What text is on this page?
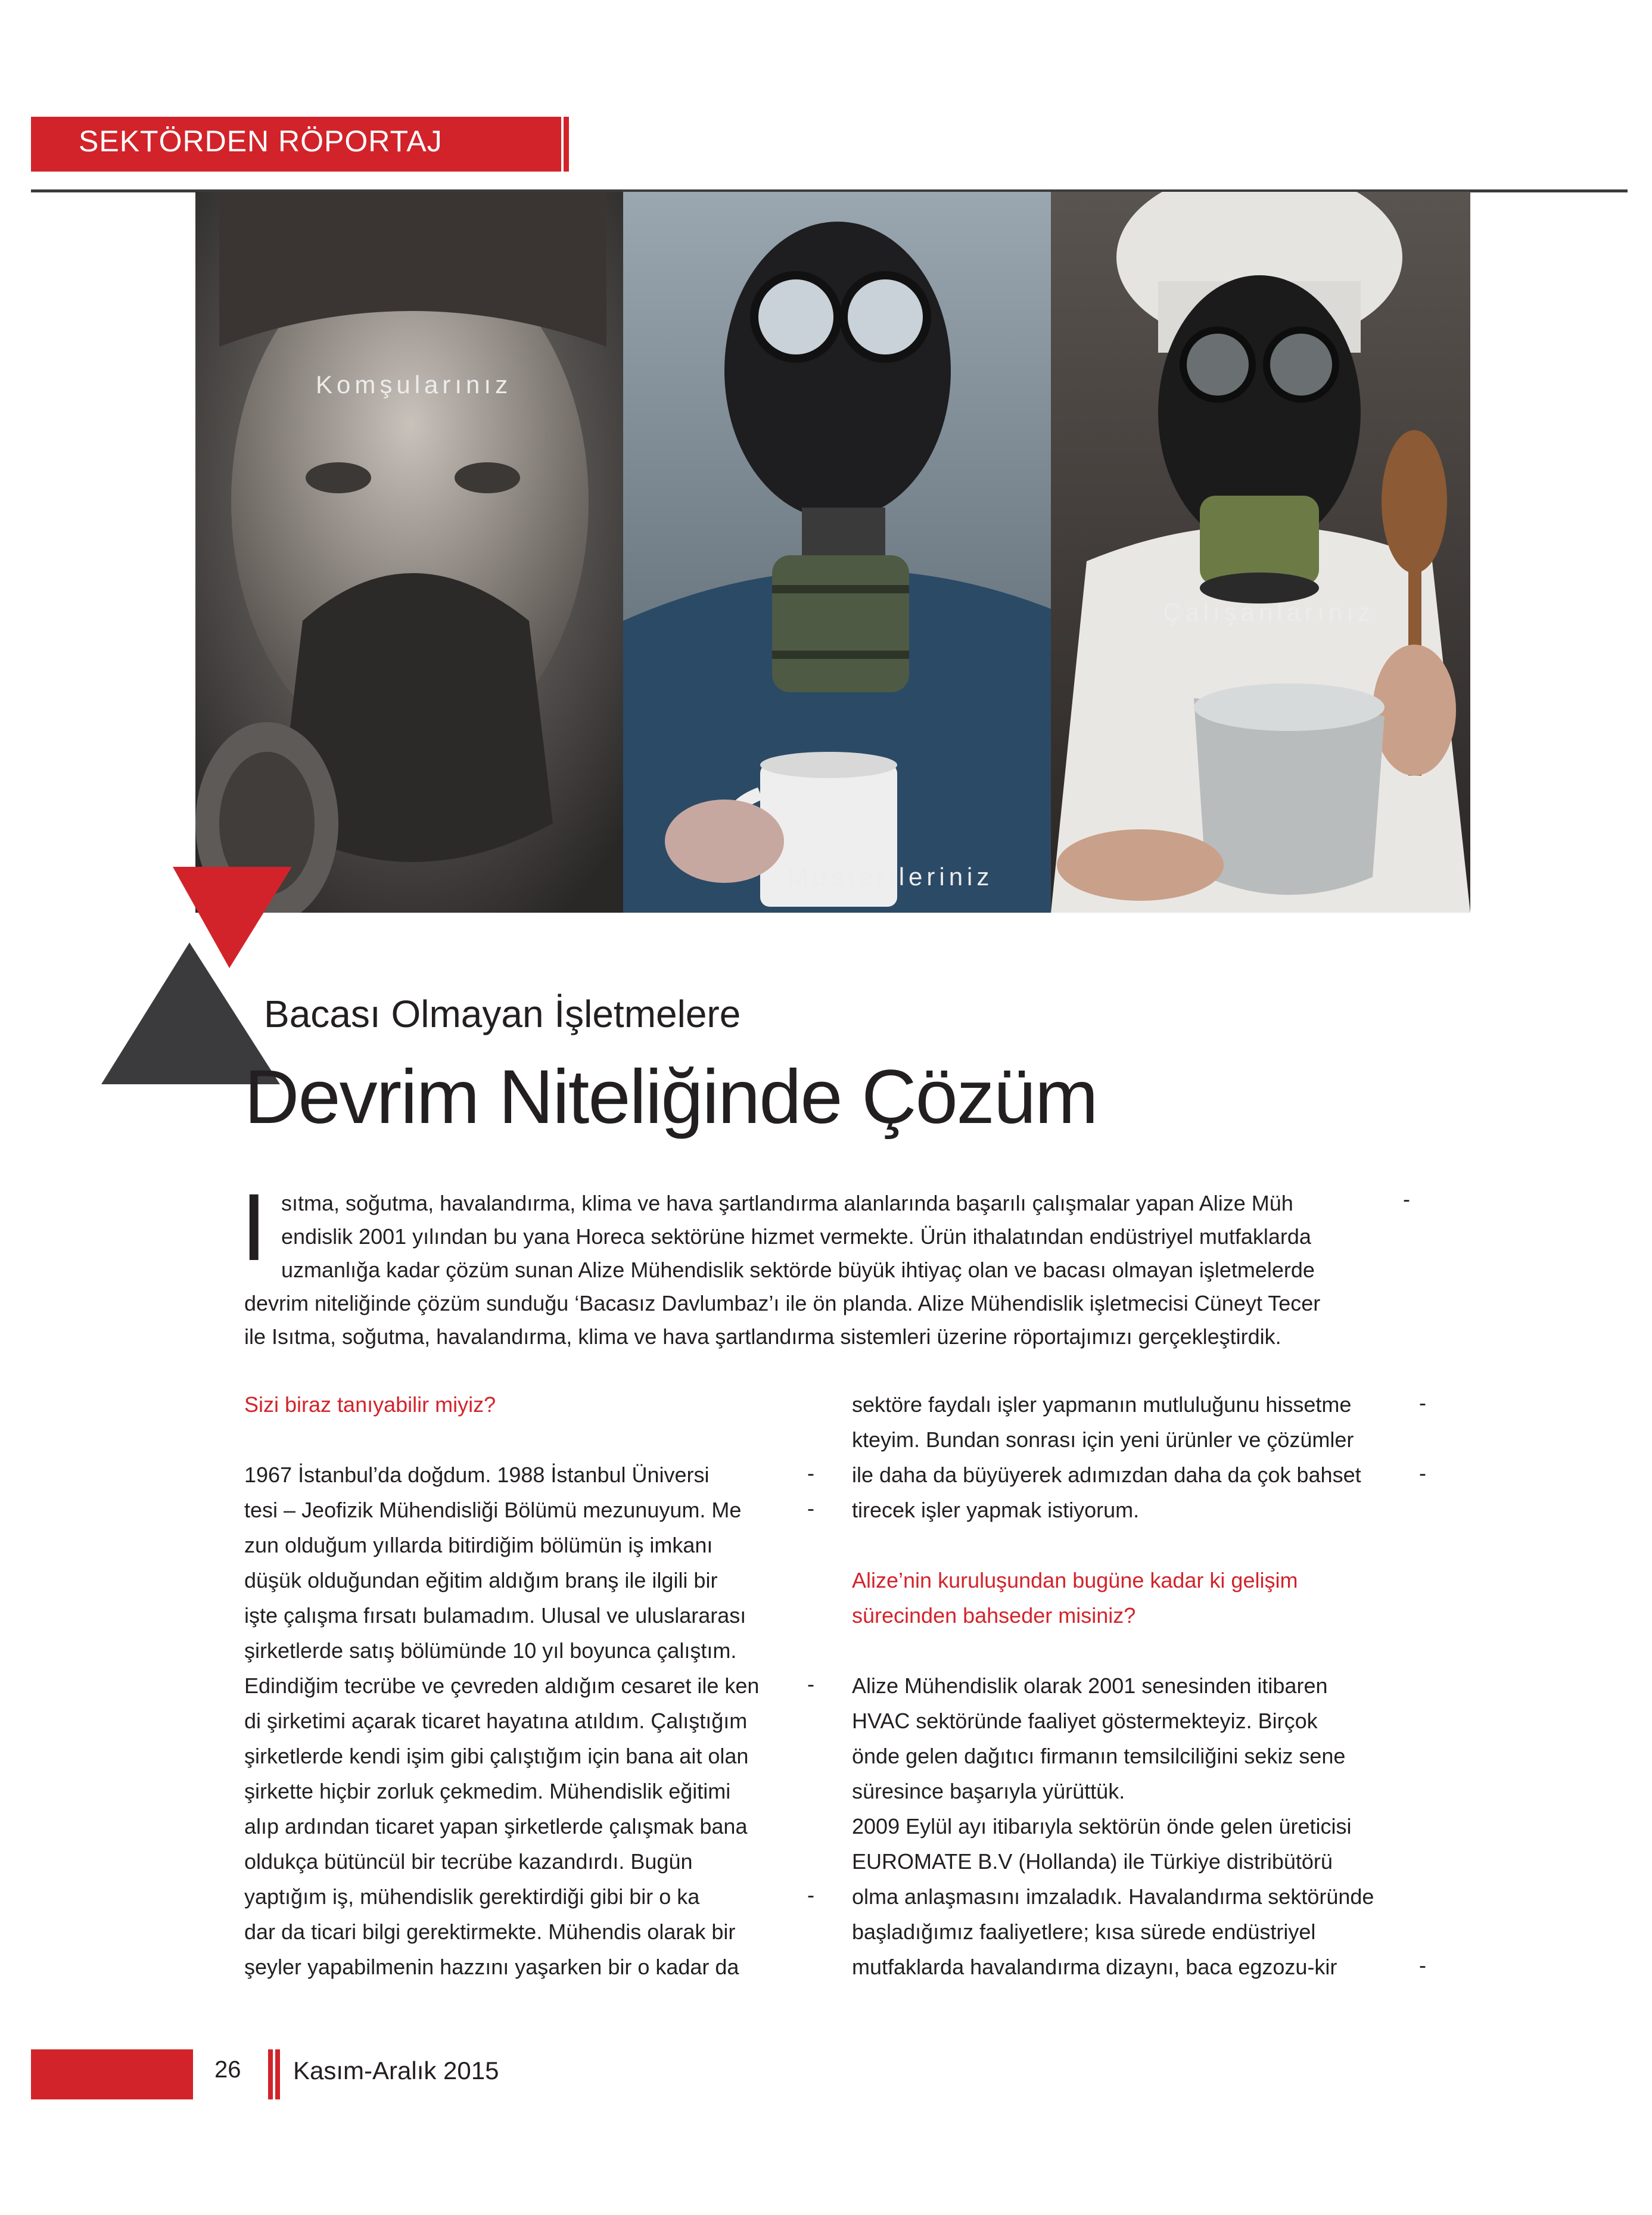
SEKTÖRDEN RÖPORTAJ
Komşularınız
Müşterileriniz
Çalışanlarınız
Bacası Olmayan İşletmelere
Devrim Niteliğinde Çözüm
I sıtma, soğutma, havalandırma, klima ve hava şartlandırma alanlarında başarılı çalışmalar yapan Alize Müh
endislik 2001 yılından bu yana Horeca sektörüne hizmet vermekte. Ürün ithalatından endüstriyel mutfaklarda
uzmanlığa kadar çözüm sunan Alize Mühendislik sektörde büyük ihtiyaç olan ve bacası olmayan işletmelerde
devrim niteliğinde çözüm sunduğu ‘Bacasız Davlumbaz’ı ile ön planda. Alize Mühendislik işletmecisi Cüneyt Tecer
ile Isıtma, soğutma, havalandırma, klima ve hava şartlandırma sistemleri üzerine röportajımızı gerçekleştirdik.
-
Sizi biraz tanıyabilir miyiz?
1967 İstanbul’da doğdum. 1988 İstanbul Üniversi
tesi – Jeofizik Mühendisliği Bölümü mezunuyum. Me
zun olduğum yıllarda bitirdiğim bölümün iş imkanı
düşük olduğundan eğitim aldığım branş ile ilgili bir
işte çalışma fırsatı bulamadım. Ulusal ve uluslararası
şirketlerde satış bölümünde 10 yıl boyunca çalıştım.
Edindiğim tecrübe ve çevreden aldığım cesaret ile ken
di şirketimi açarak ticaret hayatına atıldım. Çalıştığım
şirketlerde kendi işim gibi çalıştığım için bana ait olan
şirkette hiçbir zorluk çekmedim. Mühendislik eğitimi
alıp ardından ticaret yapan şirketlerde çalışmak bana
oldukça bütüncül bir tecrübe kazandırdı. Bugün
yaptığım iş, mühendislik gerektirdiği gibi bir o ka
dar da ticari bilgi gerektirmekte. Mühendis olarak bir
şeyler yapabilmenin hazzını yaşarken bir o kadar da
-
-
-
-
sektöre faydalı işler yapmanın mutluluğunu hissetme
kteyim. Bundan sonrası için yeni ürünler ve çözümler
ile daha da büyüyerek adımızdan daha da çok bahset
tirecek işler yapmak istiyorum.
Alize’nin kuruluşundan bugüne kadar ki gelişim
sürecinden bahseder misiniz?
Alize Mühendislik olarak 2001 senesinden itibaren
HVAC sektöründe faaliyet göstermekteyiz. Birçok
önde gelen dağıtıcı firmanın temsilciliğini sekiz sene
süresince başarıyla yürüttük.
2009 Eylül ayı itibarıyla sektörün önde gelen üreticisi
EUROMATE B.V (Hollanda) ile Türkiye distribütörü
olma anlaşmasını imzaladık. Havalandırma sektöründe
başladığımız faaliyetlere; kısa sürede endüstriyel
mutfaklarda havalandırma dizaynı, baca egzozu-kir
-
-
-
26 Kasım-Aralık 2015
